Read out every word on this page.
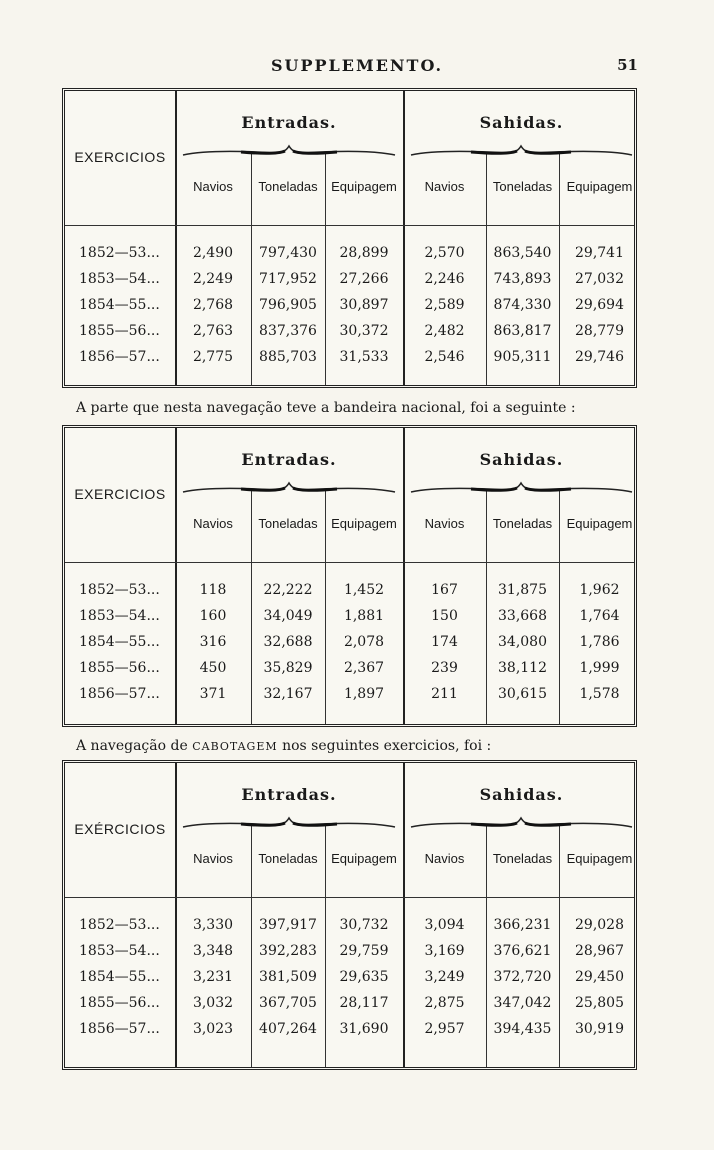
SUPPLEMENTO.	51
EXERCICIOS
Entradas.	Sahidas.
Navios	Toneladas	Equipagem	Navios	Toneladas	Equipagem
1852—53...	2,490	797,430	28,899	2,570	863,540	29,741
1853—54...	2,249	717,952	27,266	2,246	743,893	27,032
1854—55...	2,768	796,905	30,897	2,589	874,330	29,694
1855—56...	2,763	837,376	30,372	2,482	863,817	28,779
1856—57...	2,775	885,703	31,533	2,546	905,311	29,746
A parte que nesta navegação teve a bandeira nacional, foi a seguinte :
EXERCICIOS
Entradas.	Sahidas.
Navios	Toneladas	Equipagem	Navios	Toneladas	Equipagem
1852—53...	118	22,222	1,452	167	31,875	1,962
1853—54...	160	34,049	1,881	150	33,668	1,764
1854—55...	316	32,688	2,078	174	34,080	1,786
1855—56...	450	35,829	2,367	239	38,112	1,999
1856—57...	371	32,167	1,897	211	30,615	1,578
A navegação de CABOTAGEM nos seguintes exercicios, foi :
EXÉRCICIOS
Entradas.	Sahidas.
Navios	Toneladas	Equipagem	Navios	Toneladas	Equipagem
1852—53...	3,330	397,917	30,732	3,094	366,231	29,028
1853—54...	3,348	392,283	29,759	3,169	376,621	28,967
1854—55...	3,231	381,509	29,635	3,249	372,720	29,450
1855—56...	3,032	367,705	28,117	2,875	347,042	25,805
1856—57...	3,023	407,264	31,690	2,957	394,435	30,919
